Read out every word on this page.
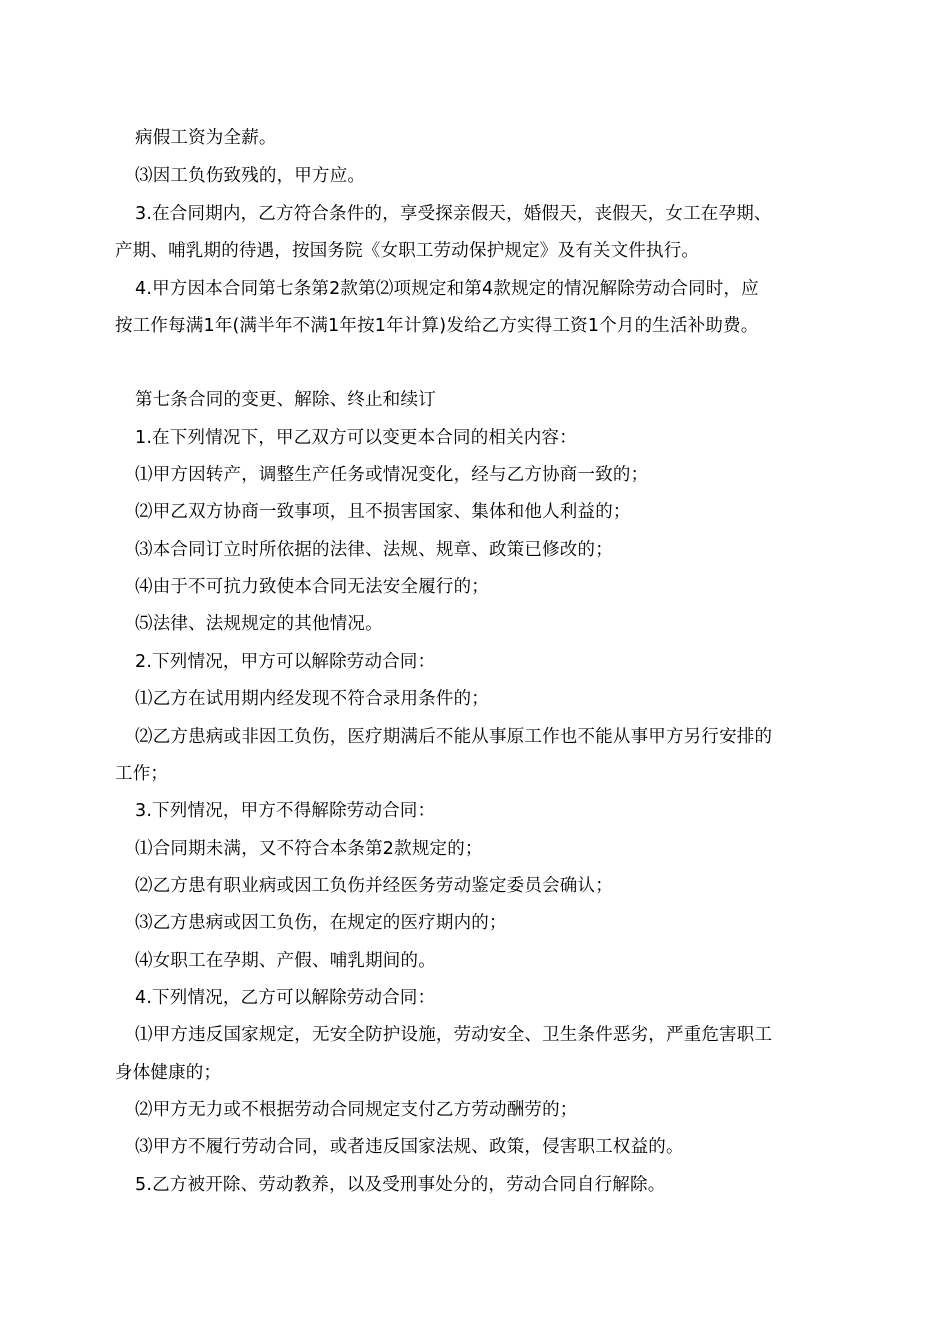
病假工资为全薪。
⑶因工负伤致残的，甲方应。
3.在合同期内，乙方符合条件的，享受探亲假天，婚假天，丧假天，女工在孕期、
产期、哺乳期的待遇，按国务院《女职工劳动保护规定》及有关文件执行。
4.甲方因本合同第七条第2款第⑵项规定和第4款规定的情况解除劳动合同时，应
按工作每满1年(满半年不满1年按1年计算)发给乙方实得工资1个月的生活补助费。
第七条合同的变更、解除、终止和续订
1.在下列情况下，甲乙双方可以变更本合同的相关内容：
⑴甲方因转产，调整生产任务或情况变化，经与乙方协商一致的；
⑵甲乙双方协商一致事项，且不损害国家、集体和他人利益的；
⑶本合同订立时所依据的法律、法规、规章、政策已修改的；
⑷由于不可抗力致使本合同无法安全履行的；
⑸法律、法规规定的其他情况。
2.下列情况，甲方可以解除劳动合同：
⑴乙方在试用期内经发现不符合录用条件的；
⑵乙方患病或非因工负伤，医疗期满后不能从事原工作也不能从事甲方另行安排的
工作；
3.下列情况，甲方不得解除劳动合同：
⑴合同期未满，又不符合本条第2款规定的；
⑵乙方患有职业病或因工负伤并经医务劳动鉴定委员会确认；
⑶乙方患病或因工负伤，在规定的医疗期内的；
⑷女职工在孕期、产假、哺乳期间的。
4.下列情况，乙方可以解除劳动合同：
⑴甲方违反国家规定，无安全防护设施，劳动安全、卫生条件恶劣，严重危害职工
身体健康的；
⑵甲方无力或不根据劳动合同规定支付乙方劳动酬劳的；
⑶甲方不履行劳动合同，或者违反国家法规、政策，侵害职工权益的。
5.乙方被开除、劳动教养，以及受刑事处分的，劳动合同自行解除。
